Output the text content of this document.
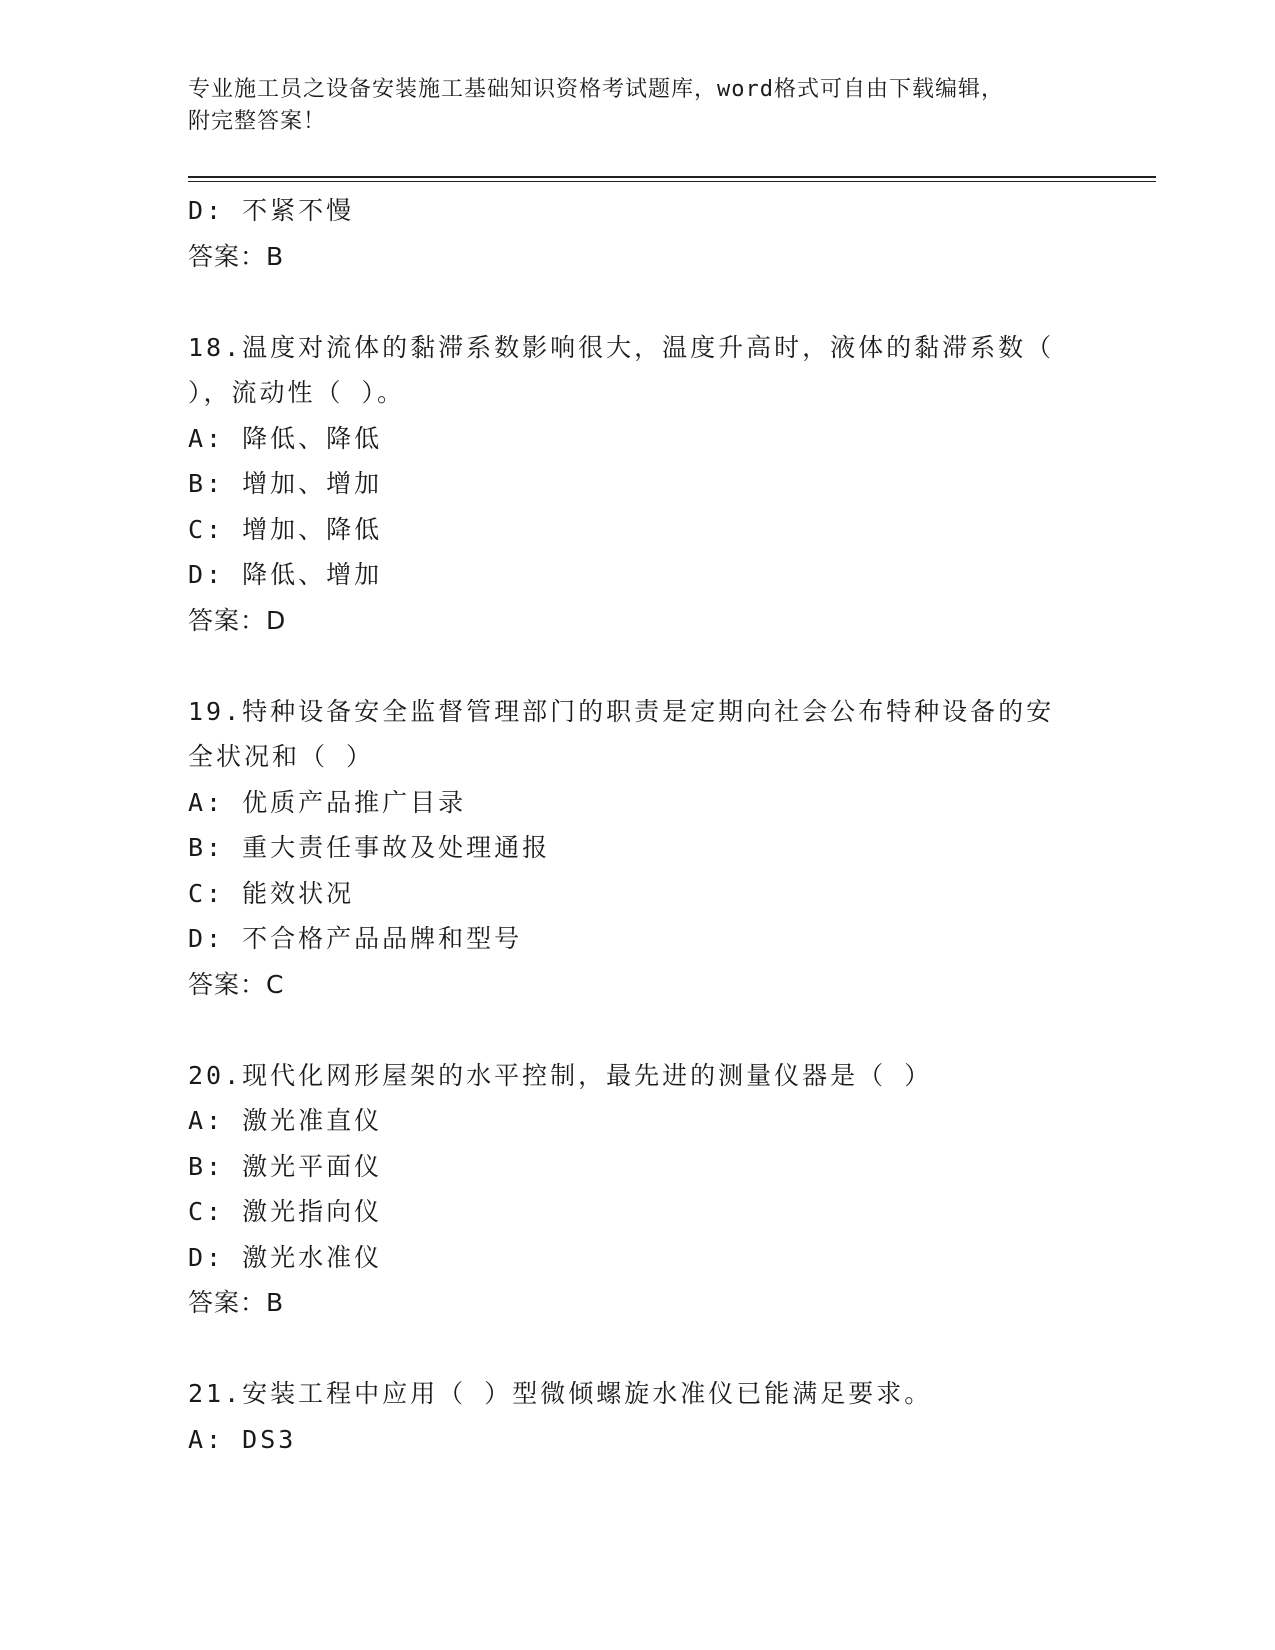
专业施工员之设备安装施工基础知识资格考试题库，word格式可自由下载编辑，
附完整答案！
D: 不紧不慢
答案：B
18.温度对流体的黏滞系数影响很大，温度升高时，液体的黏滞系数（
），流动性（ ）。
A: 降低、降低
B: 增加、增加
C: 增加、降低
D: 降低、增加
答案：D
19.特种设备安全监督管理部门的职责是定期向社会公布特种设备的安
全状况和（ ）
A: 优质产品推广目录
B: 重大责任事故及处理通报
C: 能效状况
D: 不合格产品品牌和型号
答案：C
20.现代化网形屋架的水平控制，最先进的测量仪器是（ ）
A: 激光准直仪
B: 激光平面仪
C: 激光指向仪
D: 激光水准仪
答案：B
21.安装工程中应用（ ）型微倾螺旋水准仪已能满足要求。
A: DS3
